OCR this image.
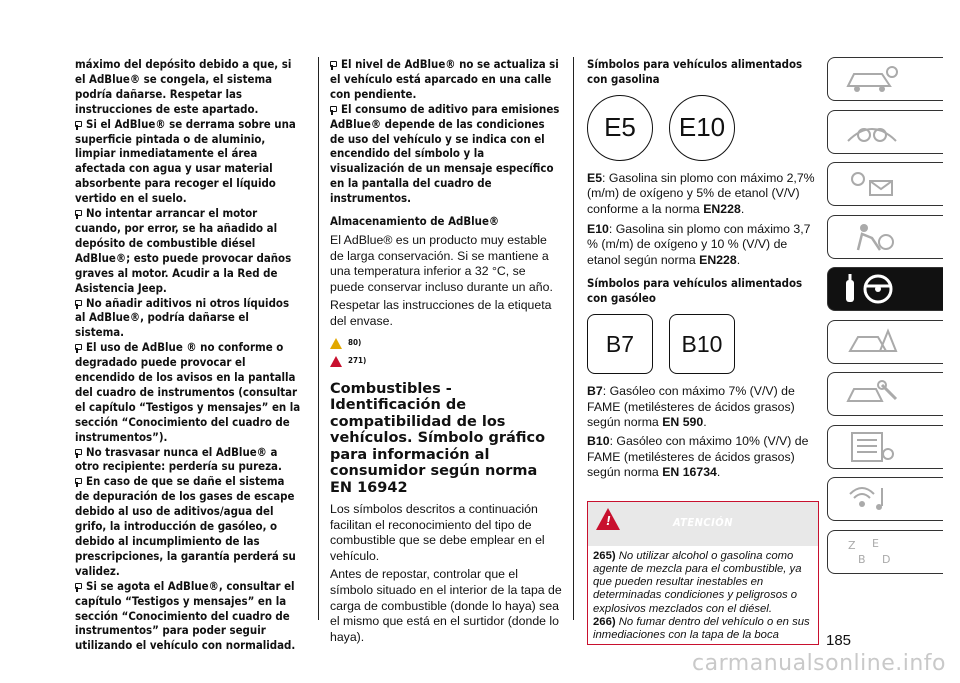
máximo del depósito debido a que, si el AdBlue® se congela, el sistema podría dañarse. Respetar las instrucciones de este apartado.

Si el AdBlue® se derrama sobre una superficie pintada o de aluminio, limpiar inmediatamente el área afectada con agua y usar material absorbente para recoger el líquido vertido en el suelo.

No intentar arrancar el motor cuando, por error, se ha añadido al depósito de combustible diésel AdBlue®; esto puede provocar daños graves al motor. Acudir a la Red de Asistencia Jeep.

No añadir aditivos ni otros líquidos al AdBlue®, podría dañarse el sistema.

El uso de AdBlue ® no conforme o degradado puede provocar el encendido de los avisos en la pantalla del cuadro de instrumentos (consultar el capítulo “Testigos y mensajes” en la sección “Conocimiento del cuadro de instrumentos”).

No trasvasar nunca el AdBlue® a otro recipiente: perdería su pureza.

En caso de que se dañe el sistema de depuración de los gases de escape debido al uso de aditivos/agua del grifo, la introducción de gasóleo, o debido al incumplimiento de las prescripciones, la garantía perderá su validez.

Si se agota el AdBlue®, consultar el capítulo “Testigos y mensajes” en la sección “Conocimiento del cuadro de instrumentos” para poder seguir utilizando el vehículo con normalidad.

El nivel de AdBlue® no se actualiza si el vehículo está aparcado en una calle con pendiente.

El consumo de aditivo para emisiones AdBlue® depende de las condiciones de uso del vehículo y se indica con el encendido del símbolo y la visualización de un mensaje específico en la pantalla del cuadro de instrumentos.

Almacenamiento de AdBlue®

El AdBlue® es un producto muy estable de larga conservación. Si se mantiene a una temperatura inferior a 32 °C, se puede conservar incluso durante un año.

Respetar las instrucciones de la etiqueta del envase.

80)
271)
Combustibles - Identificación de compatibilidad de los vehículos. Símbolo gráfico para información al consumidor según norma EN 16942

Los símbolos descritos a continuación facilitan el reconocimiento del tipo de combustible que se debe emplear en el vehículo.

Antes de repostar, controlar que el símbolo situado en el interior de la tapa de carga de combustible (donde lo haya) sea el mismo que está en el surtidor (donde lo haya).

Símbolos para vehículos alimentados con gasolina

E5	E10

E5: Gasolina sin plomo con máximo 2,7% (m/m) de oxígeno y 5% de etanol (V/V) conforme a la norma EN228.

E10: Gasolina sin plomo con máximo 3,7 % (m/m) de oxígeno y 10 % (V/V) de etanol según norma EN228.

Símbolos para vehículos alimentados con gasóleo

B7	B10

B7: Gasóleo con máximo 7% (V/V) de FAME (metilésteres de ácidos grasos) según norma EN 590.

B10: Gasóleo con máximo 10% (V/V) de FAME (metilésteres de ácidos grasos) según norma EN 16734.

!
ATENCIÓN

265) No utilizar alcohol o gasolina como agente de mezcla para el combustible, ya que pueden resultar inestables en determinadas condiciones y peligrosos o explosivos mezclados con el diésel.

266) No fumar dentro del vehículo o en sus inmediaciones con la tapa de la boca

Z E
B D
185
carmanualsonline.info
